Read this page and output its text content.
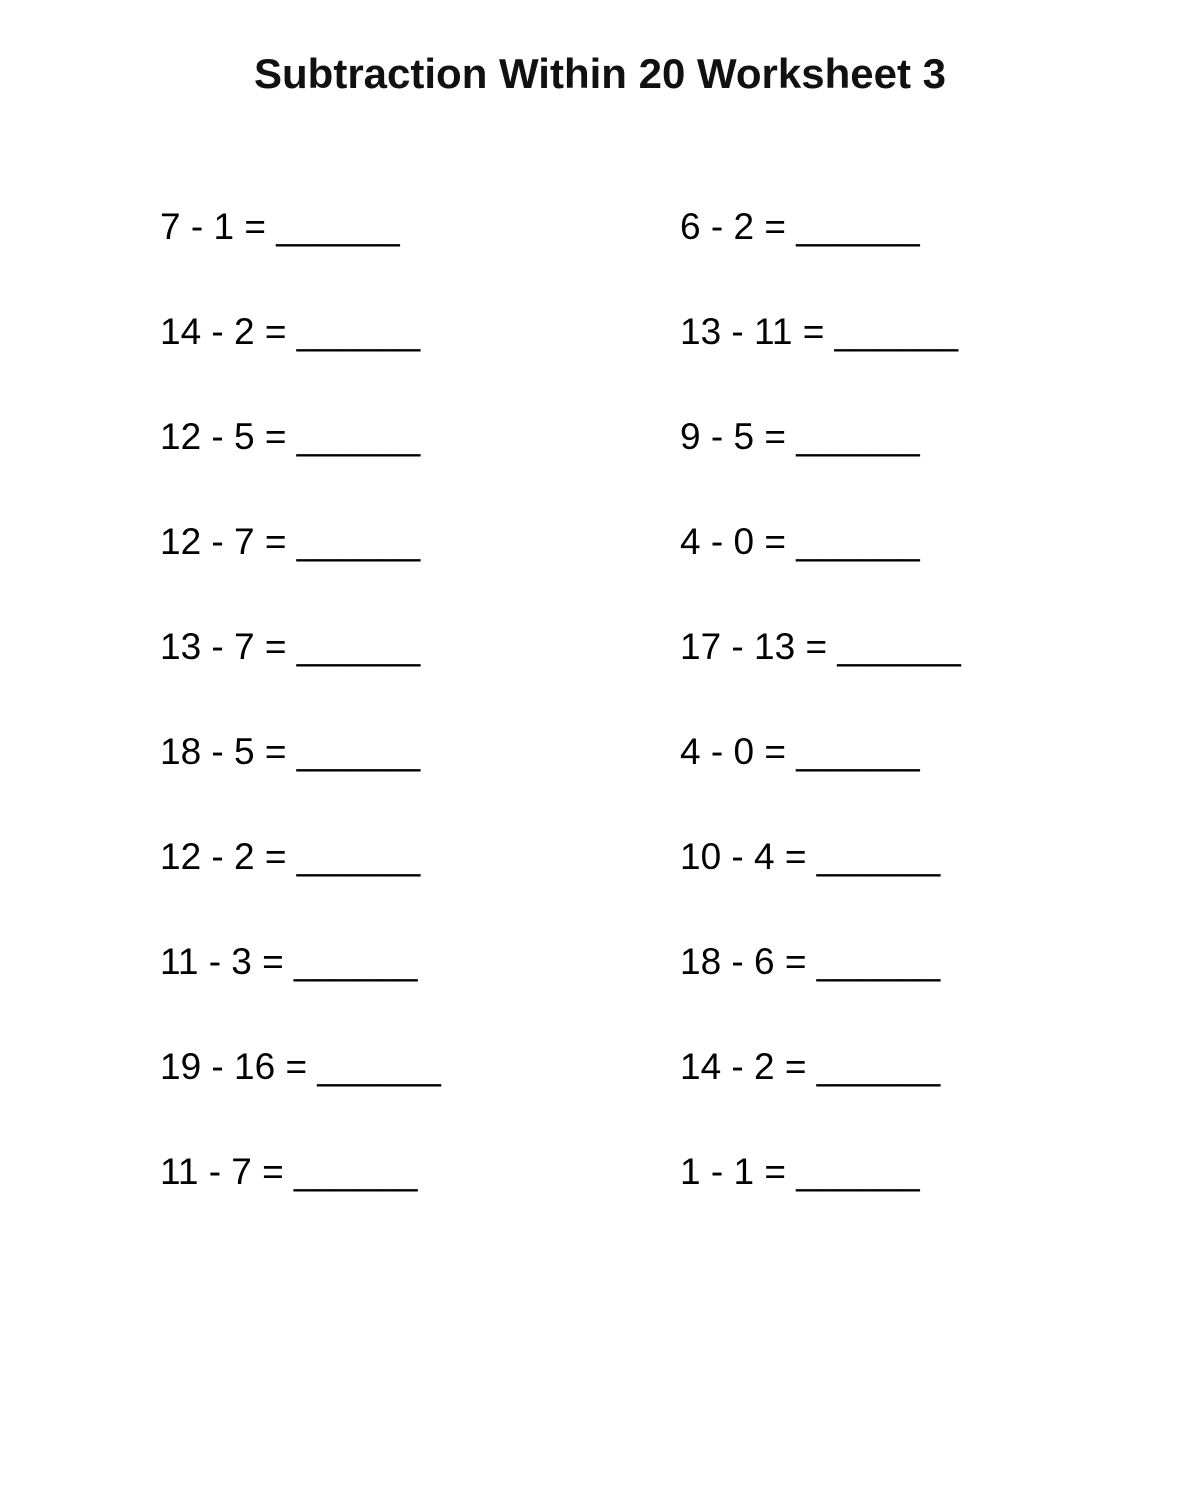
Subtraction Within 20 Worksheet 3
7 - 1 = ______
14 - 2 = ______
12 - 5 = ______
12 - 7 = ______
13 - 7 = ______
18 - 5 = ______
12 - 2 = ______
11 - 3 = ______
19 - 16 = ______
11 - 7 = ______
6 - 2 = ______
13 - 11 = ______
9 - 5 = ______
4 - 0 = ______
17 - 13 = ______
4 - 0 = ______
10 - 4 = ______
18 - 6 = ______
14 - 2 = ______
1 - 1 = ______
